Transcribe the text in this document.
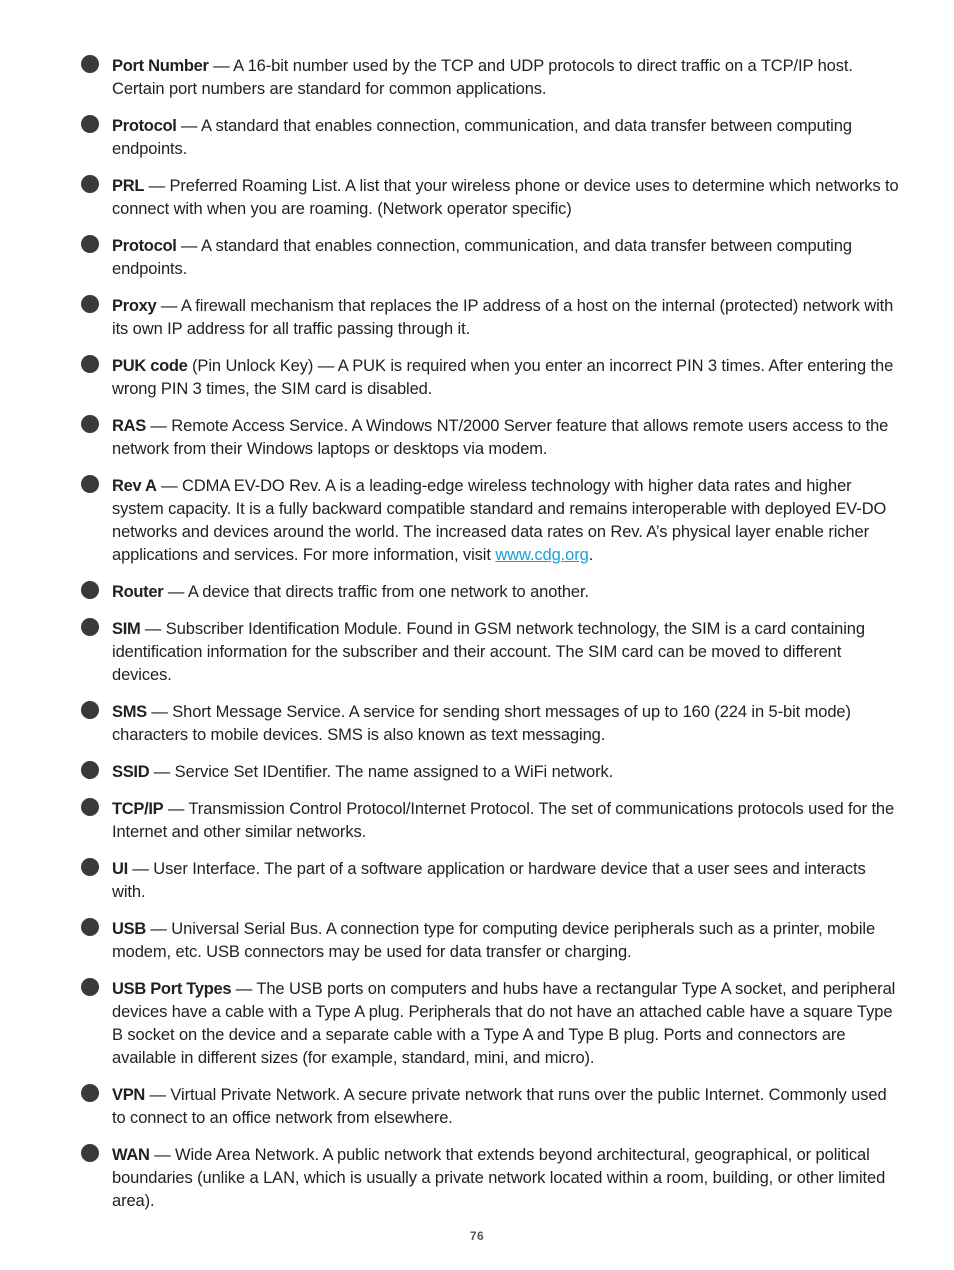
Port Number — A 16-bit number used by the TCP and UDP protocols to direct traffic on a TCP/IP host. Certain port numbers are standard for common applications.
Protocol — A standard that enables connection, communication, and data transfer between computing endpoints.
PRL — Preferred Roaming List. A list that your wireless phone or device uses to determine which networks to connect with when you are roaming. (Network operator specific)
Protocol — A standard that enables connection, communication, and data transfer between computing endpoints.
Proxy — A firewall mechanism that replaces the IP address of a host on the internal (protected) network with its own IP address for all traffic passing through it.
PUK code (Pin Unlock Key) — A PUK is required when you enter an incorrect PIN 3 times. After entering the wrong PIN 3 times, the SIM card is disabled.
RAS — Remote Access Service. A Windows NT/2000 Server feature that allows remote users access to the network from their Windows laptops or desktops via modem.
Rev A — CDMA EV-DO Rev. A is a leading-edge wireless technology with higher data rates and higher system capacity. It is a fully backward compatible standard and remains interoperable with deployed EV-DO networks and devices around the world. The increased data rates on Rev. A’s physical layer enable richer applications and services. For more information, visit www.cdg.org.
Router — A device that directs traffic from one network to another.
SIM — Subscriber Identification Module. Found in GSM network technology, the SIM is a card containing identification information for the subscriber and their account. The SIM card can be moved to different devices.
SMS — Short Message Service. A service for sending short messages of up to 160 (224 in 5-bit mode) characters to mobile devices. SMS is also known as text messaging.
SSID — Service Set IDentifier. The name assigned to a WiFi network.
TCP/IP — Transmission Control Protocol/Internet Protocol. The set of communications protocols used for the Internet and other similar networks.
UI — User Interface. The part of a software application or hardware device that a user sees and interacts with.
USB — Universal Serial Bus. A connection type for computing device peripherals such as a printer, mobile modem, etc. USB connectors may be used for data transfer or charging.
USB Port Types — The USB ports on computers and hubs have a rectangular Type A socket, and peripheral devices have a cable with a Type A plug. Peripherals that do not have an attached cable have a square Type B socket on the device and a separate cable with a Type A and Type B plug. Ports and connectors are available in different sizes (for example, standard, mini, and micro).
VPN — Virtual Private Network. A secure private network that runs over the public Internet. Commonly used to connect to an office network from elsewhere.
WAN — Wide Area Network. A public network that extends beyond architectural, geographical, or political boundaries (unlike a LAN, which is usually a private network located within a room, building, or other limited area).
76
